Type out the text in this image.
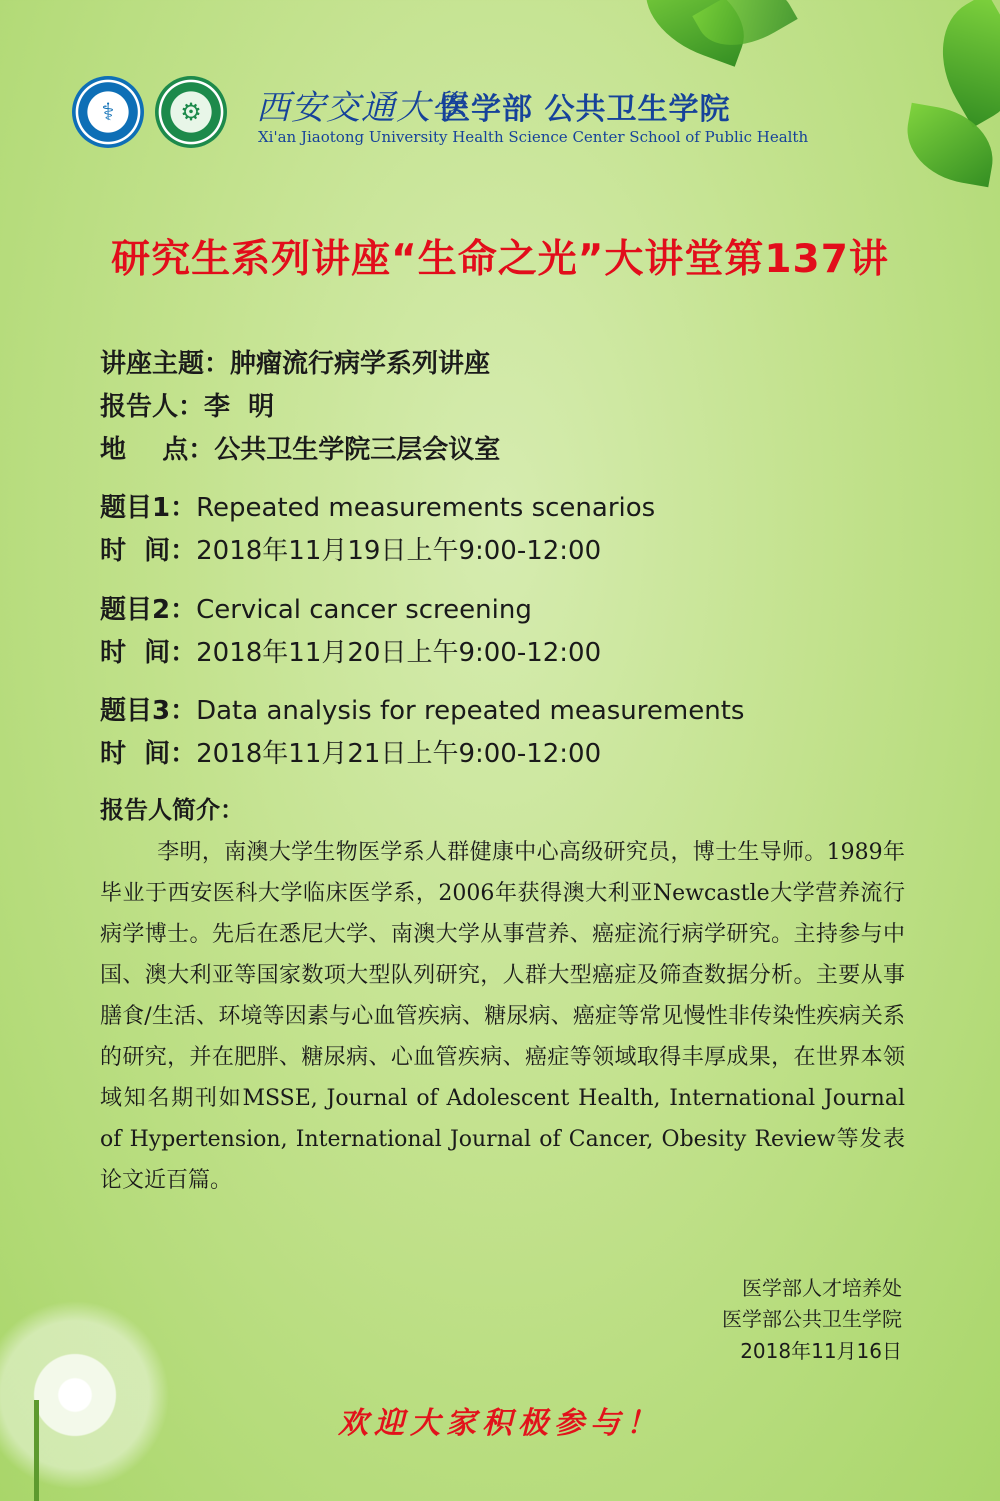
⚕	⚙	西安交通大學
医学部 公共卫生学院
Xi'an Jiaotong University Health Science Center School of Public Health
研究生系列讲座“生命之光”大讲堂第137讲
讲座主题：肿瘤流行病学系列讲座
报告人：李  明
地    点：公共卫生学院三层会议室
题目1：Repeated measurements scenarios
时  间：2018年11月19日上午9:00-12:00
题目2：Cervical cancer screening
时  间：2018年11月20日上午9:00-12:00
题目3：Data analysis for repeated measurements
时  间：2018年11月21日上午9:00-12:00
报告人简介：
李明，南澳大学生物医学系人群健康中心高级研究员，博士生导师。1989年毕业于西安医科大学临床医学系，2006年获得澳大利亚Newcastle大学营养流行病学博士。先后在悉尼大学、南澳大学从事营养、癌症流行病学研究。主持参与中国、澳大利亚等国家数项大型队列研究，人群大型癌症及筛查数据分析。主要从事膳食/生活、环境等因素与心血管疾病、糖尿病、癌症等常见慢性非传染性疾病关系的研究，并在肥胖、糖尿病、心血管疾病、癌症等领域取得丰厚成果，在世界本领域知名期刊如MSSE, Journal of Adolescent Health, International Journal of Hypertension, International Journal of Cancer, Obesity Review等发表论文近百篇。
医学部人才培养处
医学部公共卫生学院
2018年11月16日
欢迎大家积极参与！
